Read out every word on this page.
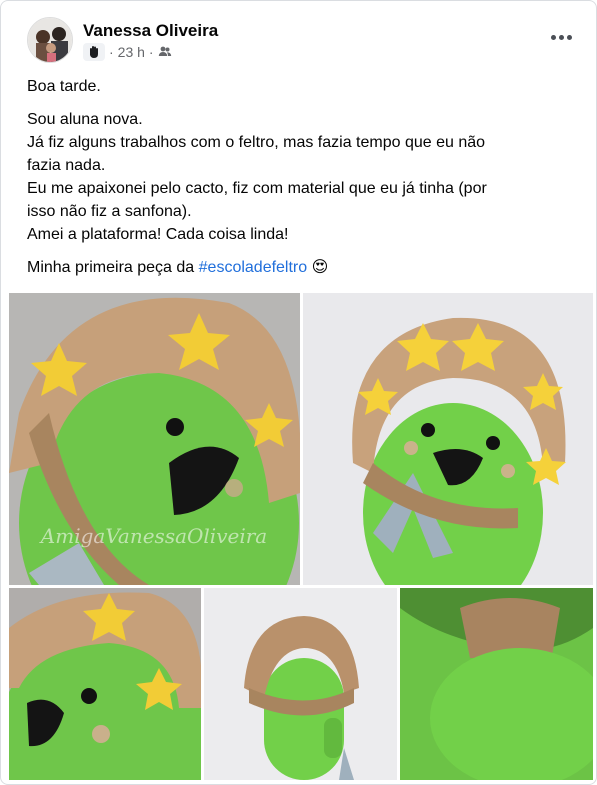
Vanessa Oliveira
· 23 h ·

Boa tarde.

Sou aluna nova.

Já fiz alguns trabalhos com o feltro, mas fazia tempo que eu não

fazia nada.

Eu me apaixonei pelo cacto, fiz com material que eu já tinha (por

isso não fiz a sanfona).

Amei a plataforma! Cada coisa linda!

Minha primeira peça da #escoladefeltro 😍

AmigaVanessaOliveira
